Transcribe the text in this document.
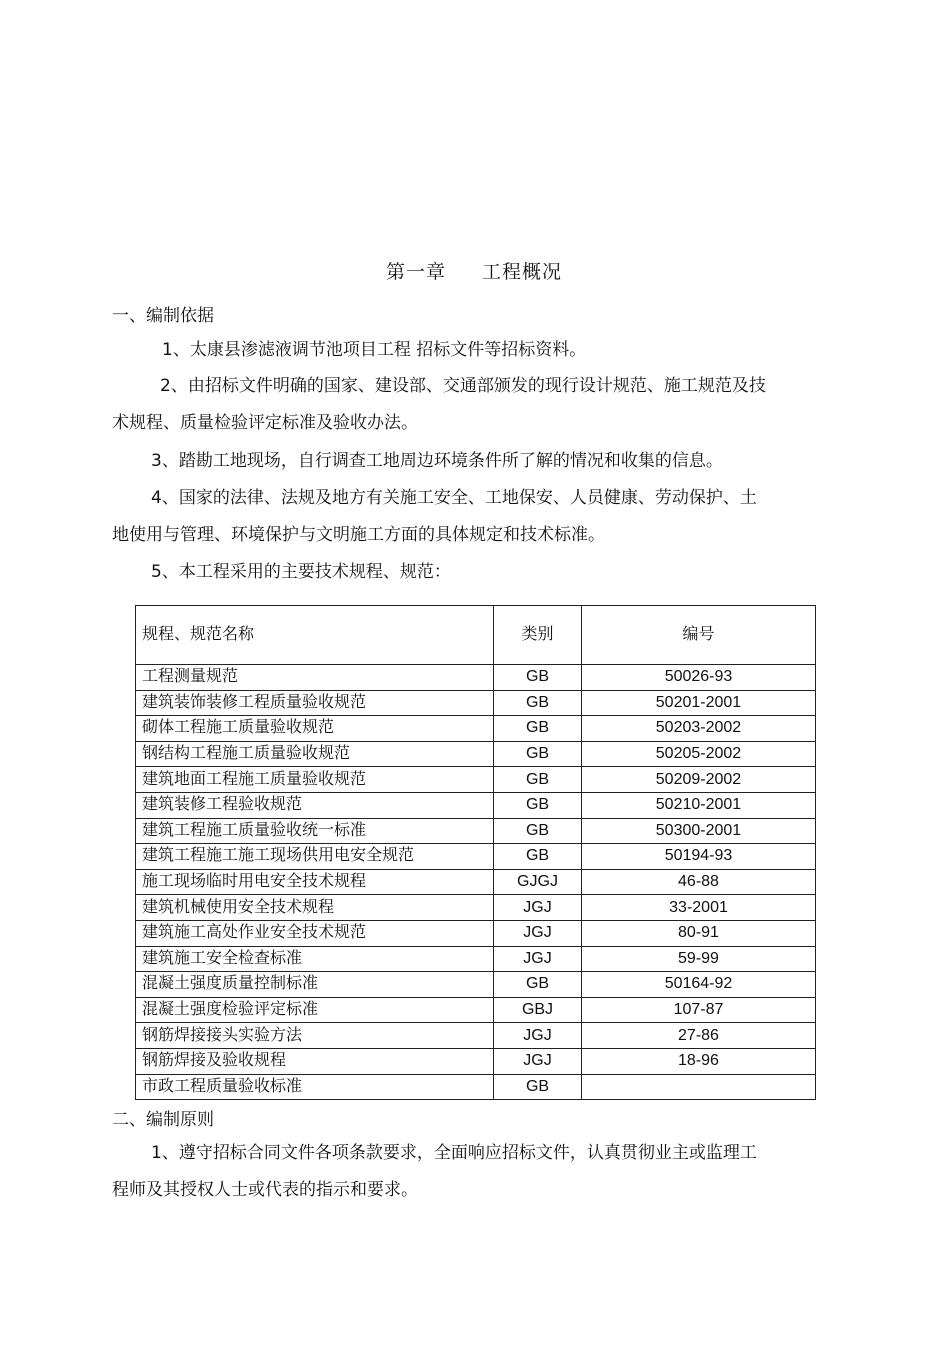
第一章 工程概况
一、编制依据
1、太康县渗滤液调节池项目工程 招标文件等招标资料。
2、由招标文件明确的国家、建设部、交通部颁发的现行设计规范、施工规范及技
术规程、质量检验评定标准及验收办法。
3、踏勘工地现场，自行调查工地周边环境条件所了解的情况和收集的信息。
4、国家的法律、法规及地方有关施工安全、工地保安、人员健康、劳动保护、土
地使用与管理、环境保护与文明施工方面的具体规定和技术标准。
5、本工程采用的主要技术规程、规范：
规程、规范名称	类别	编号
工程测量规范	GB	50026-93
建筑装饰装修工程质量验收规范	GB	50201-2001
砌体工程施工质量验收规范	GB	50203-2002
钢结构工程施工质量验收规范	GB	50205-2002
建筑地面工程施工质量验收规范	GB	50209-2002
建筑装修工程验收规范	GB	50210-2001
建筑工程施工质量验收统一标准	GB	50300-2001
建筑工程施工施工现场供用电安全规范	GB	50194-93
施工现场临时用电安全技术规程	GJGJ	46-88
建筑机械使用安全技术规程	JGJ	33-2001
建筑施工高处作业安全技术规范	JGJ	80-91
建筑施工安全检查标准	JGJ	59-99
混凝土强度质量控制标准	GB	50164-92
混凝土强度检验评定标准	GBJ	107-87
钢筋焊接接头实验方法	JGJ	27-86
钢筋焊接及验收规程	JGJ	18-96
市政工程质量验收标准	GB	
二、编制原则
1、遵守招标合同文件各项条款要求，全面响应招标文件，认真贯彻业主或监理工
程师及其授权人士或代表的指示和要求。
